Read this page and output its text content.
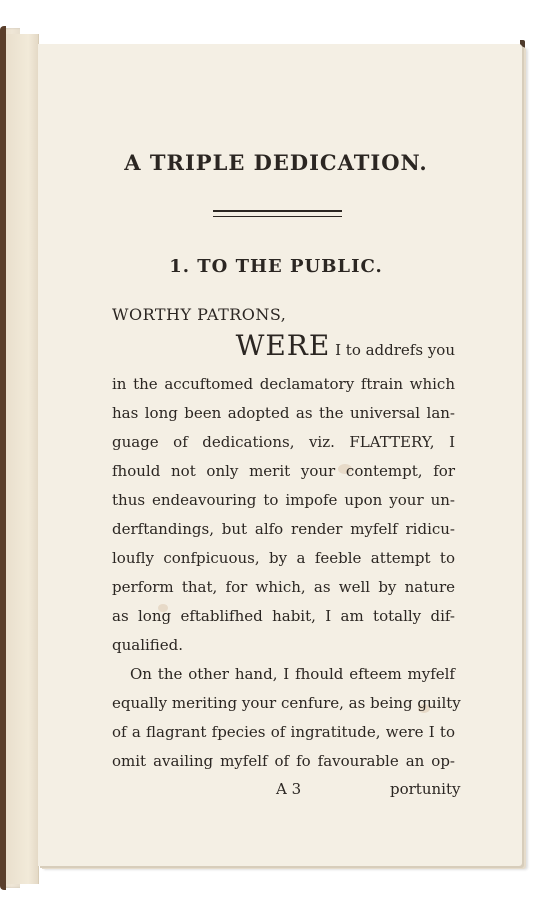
A TRIPLE DEDICATION.
1. TO THE PUBLIC.
WORTHY PATRONS,
WERE I to addrefs you
in the accuftomed declamatory ftrain which
has long been adopted as the universal lan-
guage of dedications, viz. FLATTERY, I
fhould not only merit your contempt, for
thus endeavouring to impofe upon your un-
derftandings, but alfo render myfelf ridicu-
loufly confpicuous, by a feeble attempt to
perform that, for which, as well by nature
as long eftablifhed habit, I am totally dif-
qualified.
On the other hand, I fhould efteem myfelf
equally meriting your cenfure, as being guilty
of a flagrant fpecies of ingratitude, were I to
omit availing myfelf of fo favourable an op-
A 3	portunity
